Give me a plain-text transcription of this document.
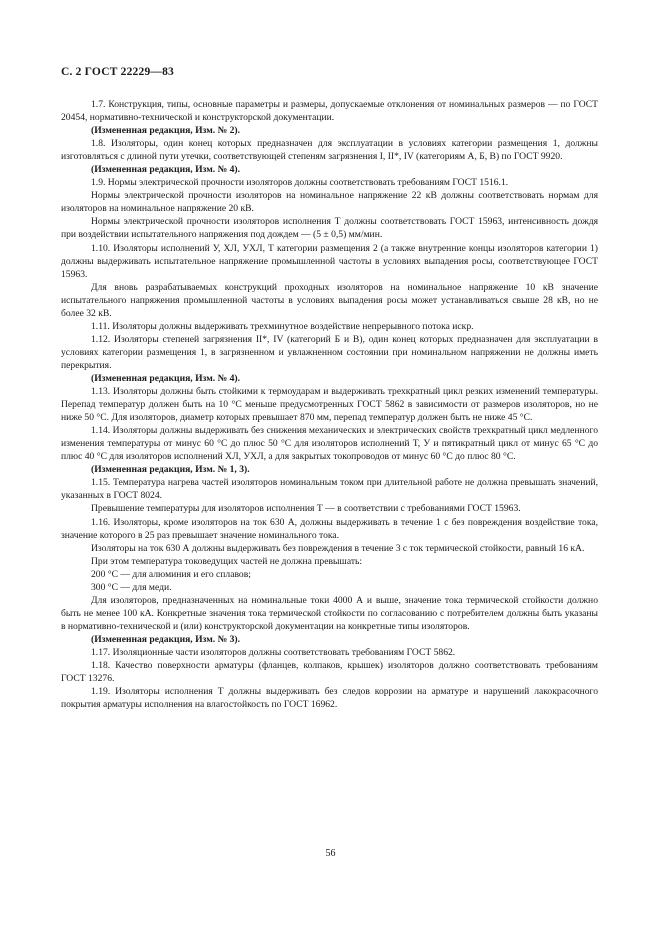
С. 2 ГОСТ 22229—83

1.7. Конструкция, типы, основные параметры и размеры, допускаемые отклонения от номинальных размеров — по ГОСТ 20454, нормативно-технической и конструкторской документации.

(Измененная редакция, Изм. № 2).

1.8. Изоляторы, один конец которых предназначен для эксплуатации в условиях категории размещения 1, должны изготовляться с длиной пути утечки, соответствующей степеням загрязнения I, II*, IV (категориям А, Б, В) по ГОСТ 9920.

(Измененная редакция, Изм. № 4).

1.9. Нормы электрической прочности изоляторов должны соответствовать требованиям ГОСТ 1516.1.

Нормы электрической прочности изоляторов на номинальное напряжение 22 кВ должны соответствовать нормам для изоляторов на номинальное напряжение 20 кВ.

Нормы электрической прочности изоляторов исполнения Т должны соответствовать ГОСТ 15963, интенсивность дождя при воздействии испытательного напряжения под дождем — (5 ± 0,5) мм/мин.

1.10. Изоляторы исполнений У, ХЛ, УХЛ, Т категории размещения 2 (а также внутренние концы изоляторов категории 1) должны выдерживать испытательное напряжение промышленной частоты в условиях выпадения росы, соответствующее ГОСТ 15963.

Для вновь разрабатываемых конструкций проходных изоляторов на номинальное напряжение 10 кВ значение испытательного напряжения промышленной частоты в условиях выпадения росы может устанавливаться свыше 28 кВ, но не более 32 кВ.

1.11. Изоляторы должны выдерживать трехминутное воздействие непрерывного потока искр.

1.12. Изоляторы степеней загрязнения II*, IV (категорий Б и В), один конец которых предназначен для эксплуатации в условиях категории размещения 1, в загрязненном и увлажненном состоянии при номинальном напряжении не должны иметь перекрытия.

(Измененная редакция, Изм. № 4).

1.13. Изоляторы должны быть стойкими к термоударам и выдерживать трехкратный цикл резких изменений температуры. Перепад температур должен быть на 10 °С меньше предусмотренных ГОСТ 5862 в зависимости от размеров изоляторов, но не ниже 50 °С. Для изоляторов, диаметр которых превышает 870 мм, перепад температур должен быть не ниже 45 °С.

1.14. Изоляторы должны выдерживать без снижения механических и электрических свойств трехкратный цикл медленного изменения температуры от минус 60 °С до плюс 50 °С для изоляторов исполнений Т, У и пятикратный цикл от минус 65 °С до плюс 40 °С для изоляторов исполнений ХЛ, УХЛ, а для закрытых токопроводов от минус 60 °С до плюс 80 °С.

(Измененная редакция, Изм. № 1, 3).

1.15. Температура нагрева частей изоляторов номинальным током при длительной работе не должна превышать значений, указанных в ГОСТ 8024.

Превышение температуры для изоляторов исполнения Т — в соответствии с требованиями ГОСТ 15963.

1.16. Изоляторы, кроме изоляторов на ток 630 А, должны выдерживать в течение 1 с без повреждения воздействие тока, значение которого в 25 раз превышает значение номинального тока.

Изоляторы на ток 630 А должны выдерживать без повреждения в течение 3 с ток термической стойкости, равный 16 кА.

При этом температура токоведущих частей не должна превышать:

200 °С — для алюминия и его сплавов;

300 °С — для меди.

Для изоляторов, предназначенных на номинальные токи 4000 А и выше, значение тока термической стойкости должно быть не менее 100 кА. Конкретные значения тока термической стойкости по согласованию с потребителем должны быть указаны в нормативно-технической и (или) конструкторской документации на конкретные типы изоляторов.

(Измененная редакция, Изм. № 3).

1.17. Изоляционные части изоляторов должны соответствовать требованиям ГОСТ 5862.

1.18. Качество поверхности арматуры (фланцев, колпаков, крышек) изоляторов должно соответствовать требованиям ГОСТ 13276.

1.19. Изоляторы исполнения Т должны выдерживать без следов коррозии на арматуре и нарушений лакокрасочного покрытия арматуры исполнения на влагостойкость по ГОСТ 16962.

56
